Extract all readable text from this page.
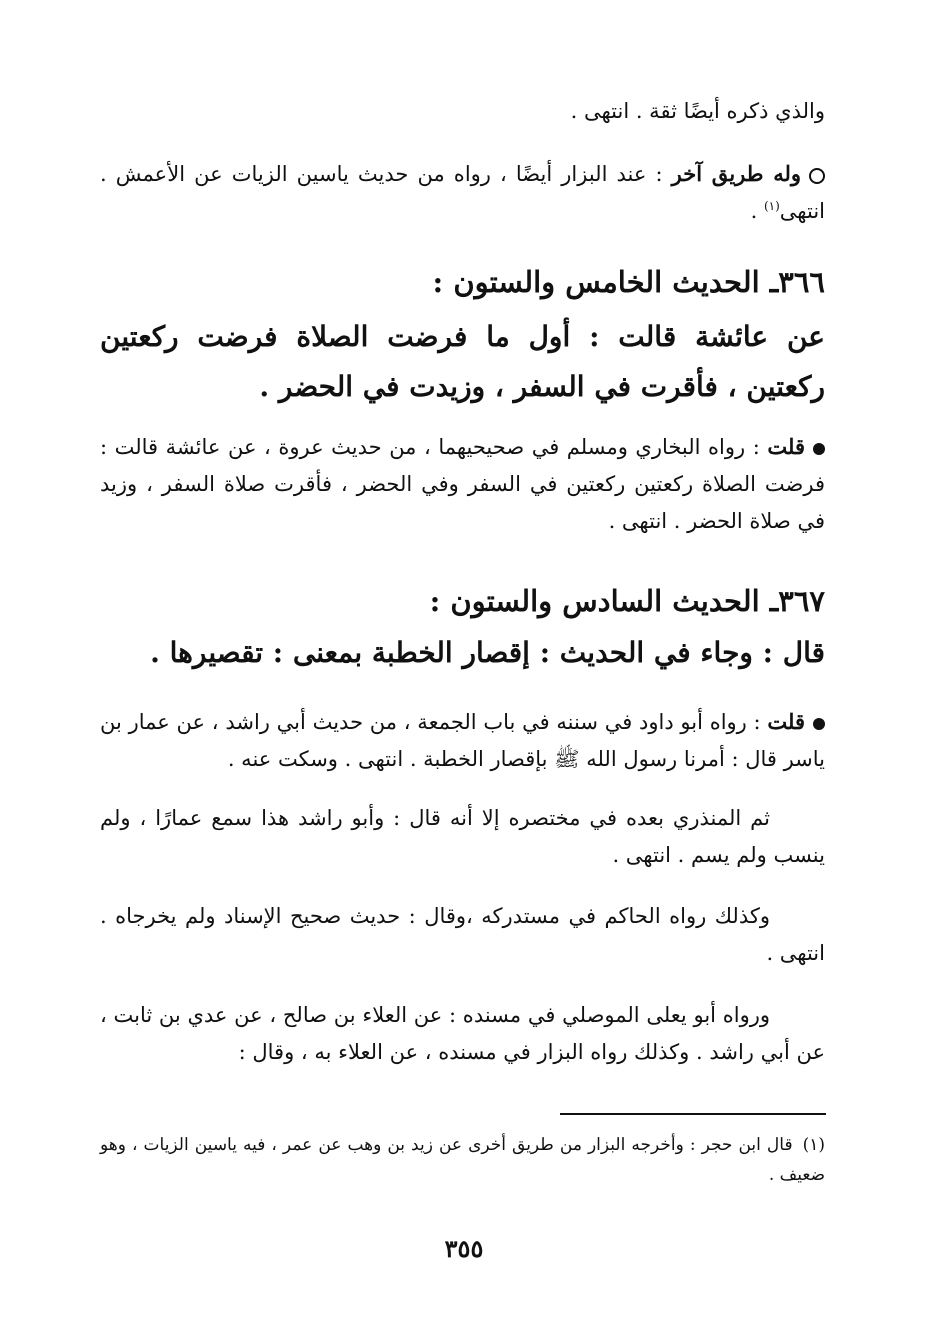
والذي ذكره أيضًا ثقة . انتهى .

وله طريق آخر : عند البزار أيضًا ، رواه من حديث ياسين الزيات عن الأعمش . انتهى$^{(١)}$ .

٣٦٦ـ الحديث الخامس والستون :

عن عائشة قالت : أول ما فرضت الصلاة فرضت ركعتين ركعتين ، فأقرت في السفر ، وزيدت في الحضر .

قلت : رواه البخاري ومسلم في صحيحيهما ، من حديث عروة ، عن عائشة قالت : فرضت الصلاة ركعتين ركعتين في السفر وفي الحضر ، فأقرت صلاة السفر ، وزيد في صلاة الحضر . انتهى .

٣٦٧ـ الحديث السادس والستون :

قال : وجاء في الحديث : إقصار الخطبة بمعنى : تقصيرها .

قلت : رواه أبو داود في سننه في باب الجمعة ، من حديث أبي راشد ، عن عمار بن ياسر قال : أمرنا رسول الله ﷺ بإقصار الخطبة . انتهى . وسكت عنه .

ثم المنذري بعده في مختصره إلا أنه قال : وأبو راشد هذا سمع عمارًا ، ولم ينسب ولم يسم . انتهى .

وكذلك رواه الحاكم في مستدركه ،وقال : حديث صحيح الإسناد ولم يخرجاه . انتهى .

ورواه أبو يعلى الموصلي في مسنده : عن العلاء بن صالح ، عن عدي بن ثابت ، عن أبي راشد . وكذلك رواه البزار في مسنده ، عن العلاء به ، وقال :

(١)قال ابن حجر : وأخرجه البزار من طريق أخرى عن زيد بن وهب عن عمر ، فيه ياسين الزيات ، وهو ضعيف .

٣٥٥
